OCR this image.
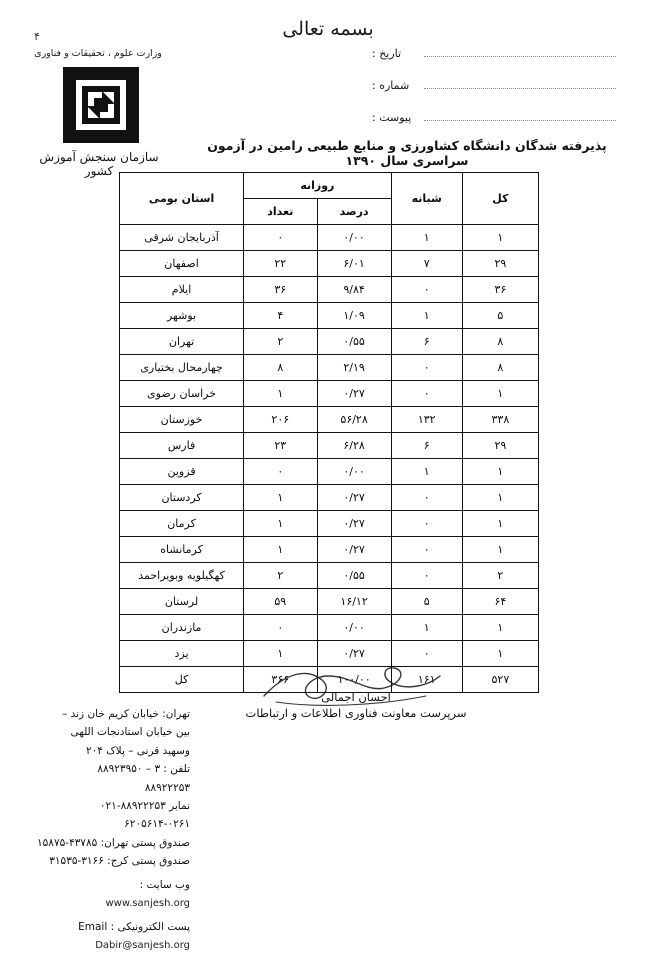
۴	بسمه تعالی
وزارت علوم ، تحقیقات و فناوری
سازمان سنجش آموزش کشور
تاریخ :
شماره :
پیوست :
پذیرفته شدگان دانشگاه کشاورزی و منابع طبیعی رامین در آزمون سراسری سال ۱۳۹۰
کل	شبانه	روزانه		استان بومی
		درصد	تعداد	
۱	۱	۰/۰۰	۰	آذربایجان شرقی
۲۹	۷	۶/۰۱	۲۲	اصفهان
۳۶	۰	۹/۸۴	۳۶	ایلام
۵	۱	۱/۰۹	۴	بوشهر
۸	۶	۰/۵۵	۲	تهران
۸	۰	۲/۱۹	۸	چهارمحال بختیاری
۱	۰	۰/۲۷	۱	خراسان رضوی
۳۳۸	۱۳۲	۵۶/۲۸	۲۰۶	خوزستان
۲۹	۶	۶/۲۸	۲۳	فارس
۱	۱	۰/۰۰	۰	قزوین
۱	۰	۰/۲۷	۱	کردستان
۱	۰	۰/۲۷	۱	کرمان
۱	۰	۰/۲۷	۱	کرمانشاه
۲	۰	۰/۵۵	۲	کهگیلویه وبویراحمد
۶۴	۵	۱۶/۱۲	۵۹	لرستان
۱	۱	۰/۰۰	۰	مازندران
۱	۰	۰/۲۷	۱	یزد
۵۲۷	۱۶۱	۱۰۰/۰۰	۳۶۶	کل
احسان اجمالی
سرپرست معاونت فناوری اطلاعات و ارتباطات
تهران: خیابان کریم خان زند –
بین خیابان استادنجات اللهی
وسهید قرنی – پلاک ۲۰۴
تلفن : ۳ – ۸۸۹۲۳۹۵۰
۸۸۹۲۲۲۵۳
نمابر ۸۸۹۲۲۲۵۳-۰۲۱
۶۲۰۵۶۱۴-۰۲۶۱
صندوق پستی تهران: ۴۳۷۸۵-۱۵۸۷۵
صندوق پستی کرج: ۳۱۶۶-۳۱۵۳۵
وب سایت :
www.sanjesh.org
پست الکترونیکی : Email
Dabir@sanjesh.org
